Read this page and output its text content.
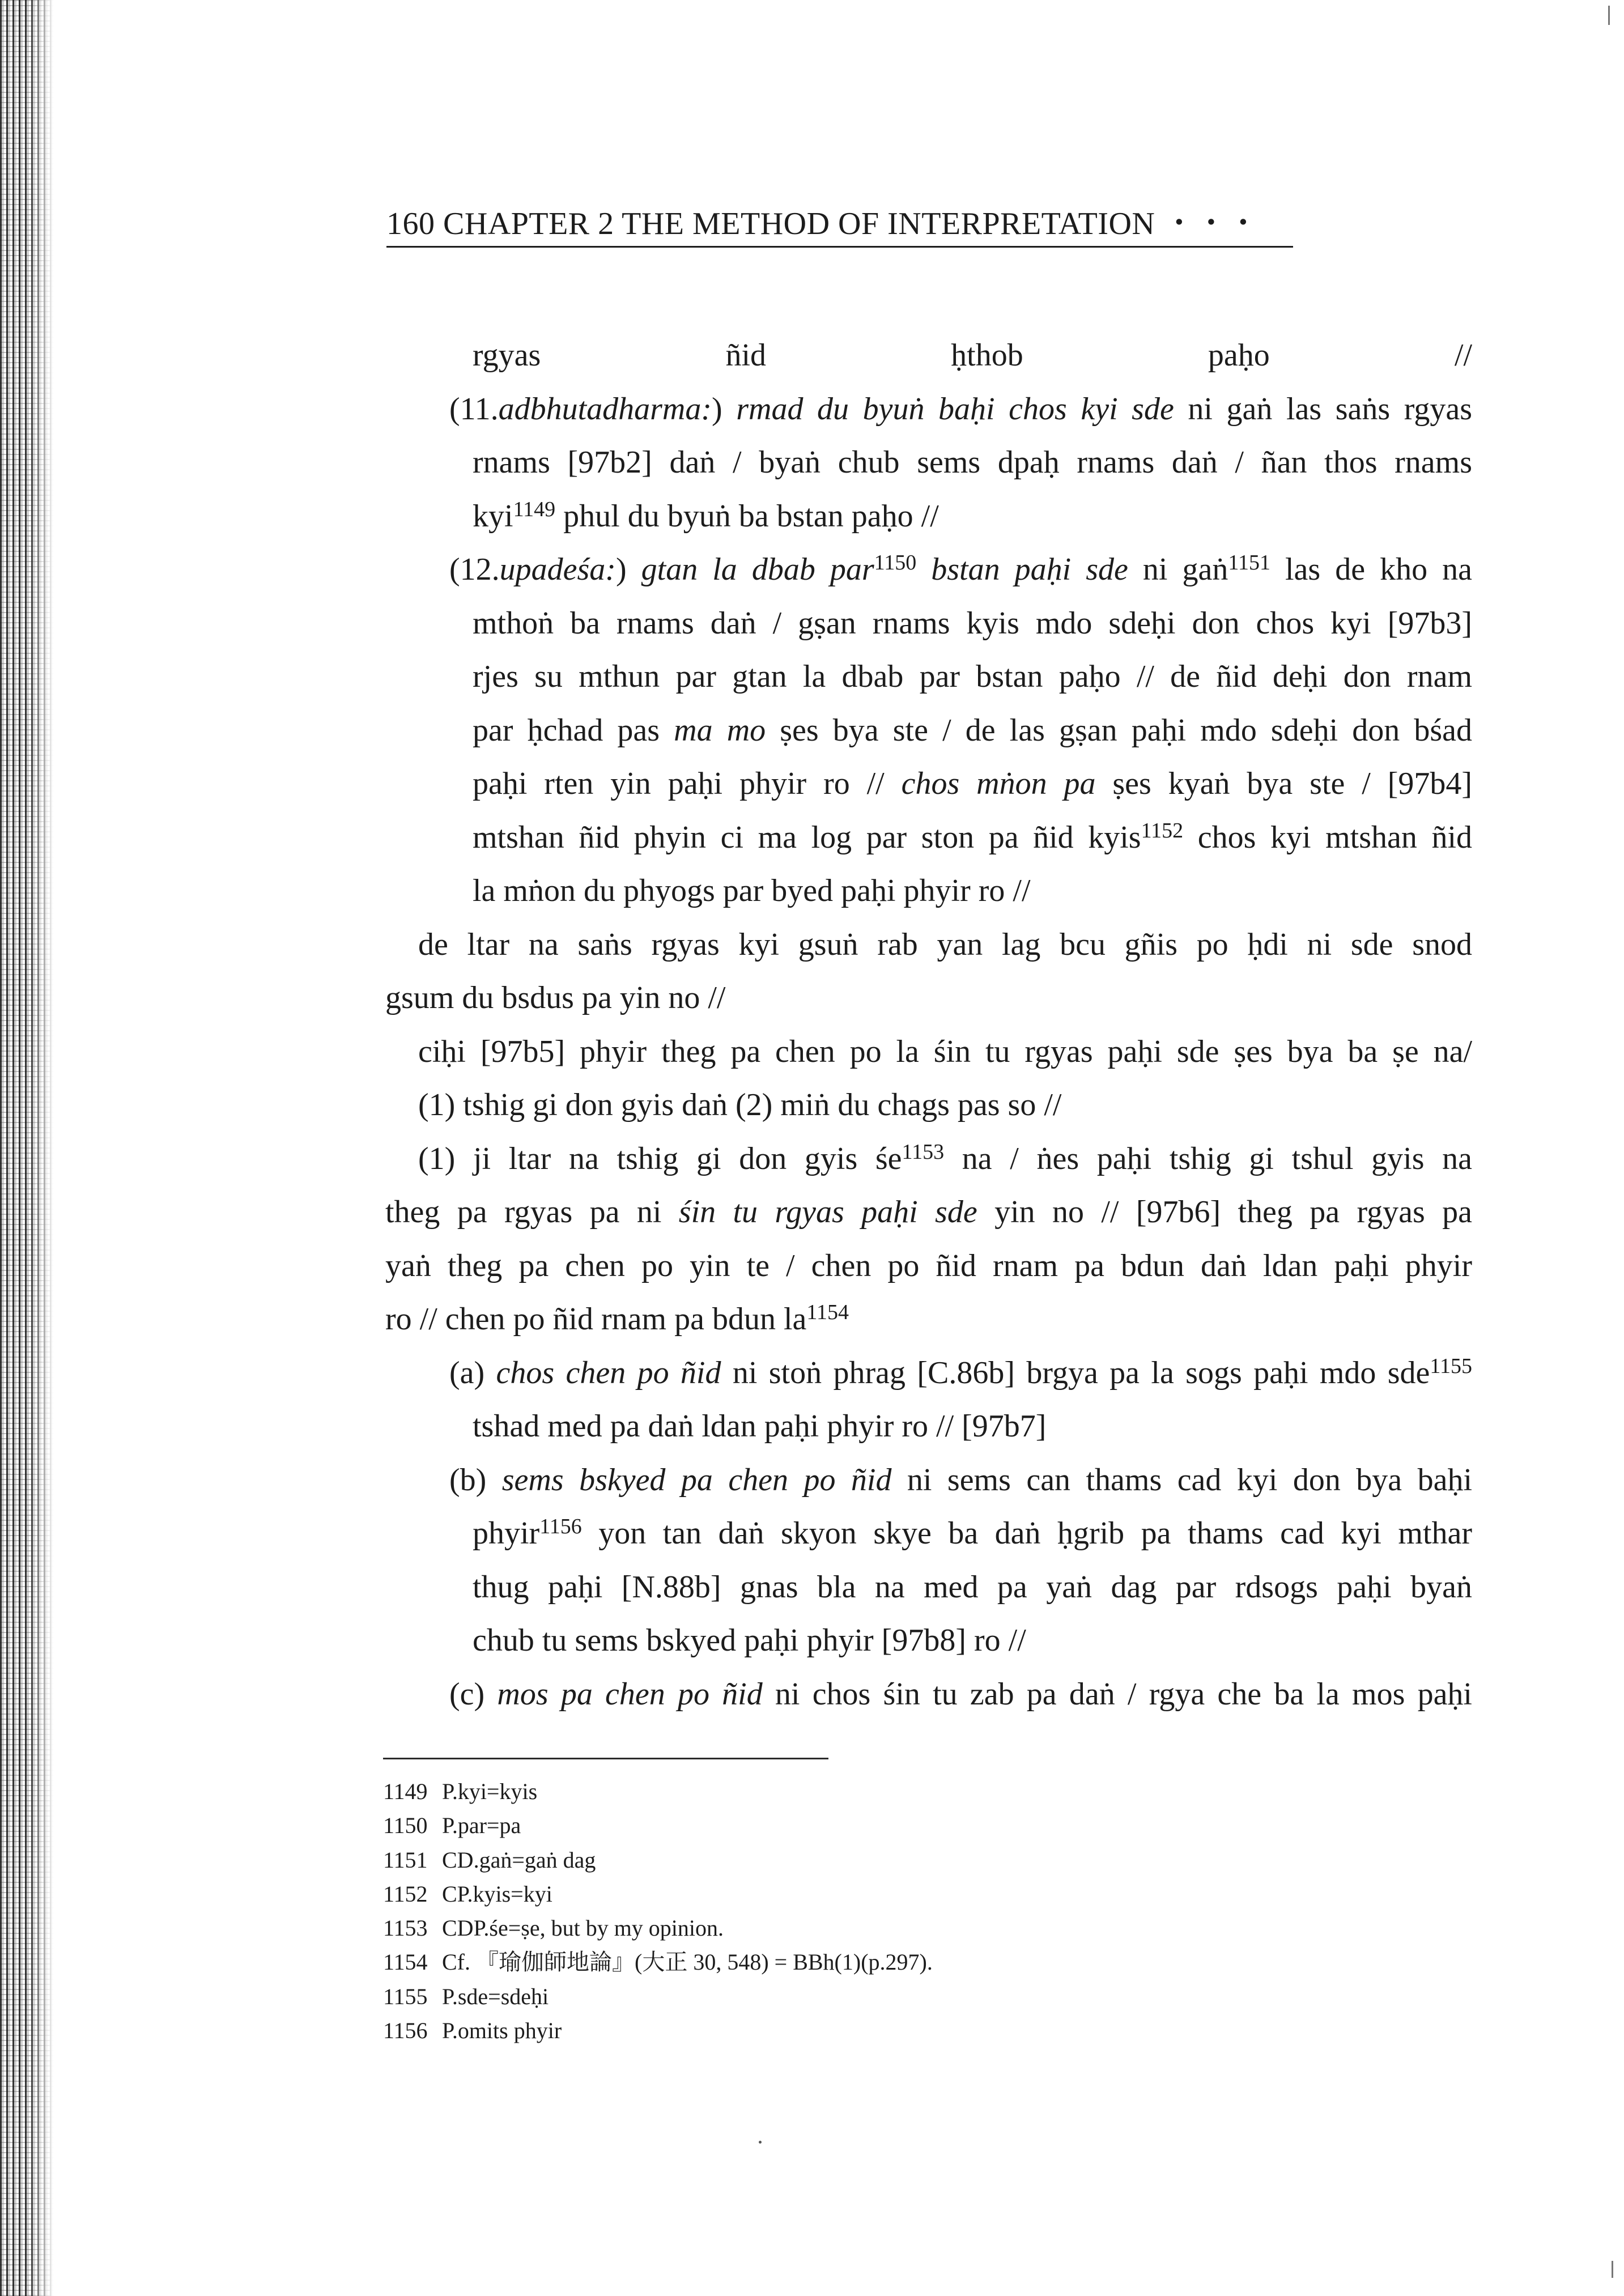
160 CHAPTER 2 THE METHOD OF INTERPRETATION ・・・
rgyas ñid ḥthob paḥo //
(11.adbhutadharma:) rmad du byuṅ baḥi chos kyi sde ni gaṅ las saṅs rgyas
rnams [97b2] daṅ / byaṅ chub sems dpaḥ rnams daṅ / ñan thos rnams
kyi$^{1149}$ phul du byuṅ ba bstan paḥo //
(12.upadeśa:) gtan la dbab par$^{1150}$ bstan paḥi sde ni gaṅ$^{1151}$ las de kho na
mthoṅ ba rnams daṅ / gṣan rnams kyis mdo sdeḥi don chos kyi [97b3]
rjes su mthun par gtan la dbab par bstan paḥo // de ñid deḥi don rnam
par ḥchad pas ma mo ṣes bya ste / de las gṣan paḥi mdo sdeḥi don bśad
paḥi rten yin paḥi phyir ro // chos mṅon pa ṣes kyaṅ bya ste / [97b4]
mtshan ñid phyin ci ma log par ston pa ñid kyis$^{1152}$ chos kyi mtshan ñid
la mṅon du phyogs par byed paḥi phyir ro //
de ltar na saṅs rgyas kyi gsuṅ rab yan lag bcu gñis po ḥdi ni sde snod
gsum du bsdus pa yin no //
ciḥi [97b5] phyir theg pa chen po la śin tu rgyas paḥi sde ṣes bya ba ṣe na/
(1) tshig gi don gyis daṅ (2) miṅ du chags pas so //
(1) ji ltar na tshig gi don gyis $śe^{1153}$ na / ṅes paḥi tshig gi tshul gyis na
theg pa rgyas pa ni śin tu rgyas paḥi sde yin no // [97b6] theg pa rgyas pa
yaṅ theg pa chen po yin te / chen po ñid rnam pa bdun daṅ ldan paḥi phyir
ro // chen po ñid rnam pa bdun $la^{1154}$
(a) chos chen po ñid ni stoṅ phrag [C.86b] brgya pa la sogs paḥi mdo sde$^{1155}$
tshad med pa daṅ ldan paḥi phyir ro // [97b7]
(b) sems bskyed pa chen po ñid ni sems can thams cad kyi don bya baḥi
phyir$^{1156}$ yon tan daṅ skyon skye ba daṅ ḥgrib pa thams cad kyi mthar
thug paḥi [N.88b] gnas bla na med pa yaṅ dag par rdsogs paḥi byaṅ
chub tu sems bskyed paḥi phyir [97b8] ro //
(c) mos pa chen po ñid ni chos śin tu zab pa daṅ / rgya che ba la mos paḥi
1149 P.kyi=kyis
1150 P.par=pa
1151 CD.gaṅ=gaṅ dag
1152 CP.kyis=kyi
1153 CDP.śe=ṣe, but by my opinion.
1154 Cf. 『瑜伽師地論』(大正 30, 548) = BBh(1)(p.297).
1155 P.sde=sdeḥi
1156 P.omits phyir
